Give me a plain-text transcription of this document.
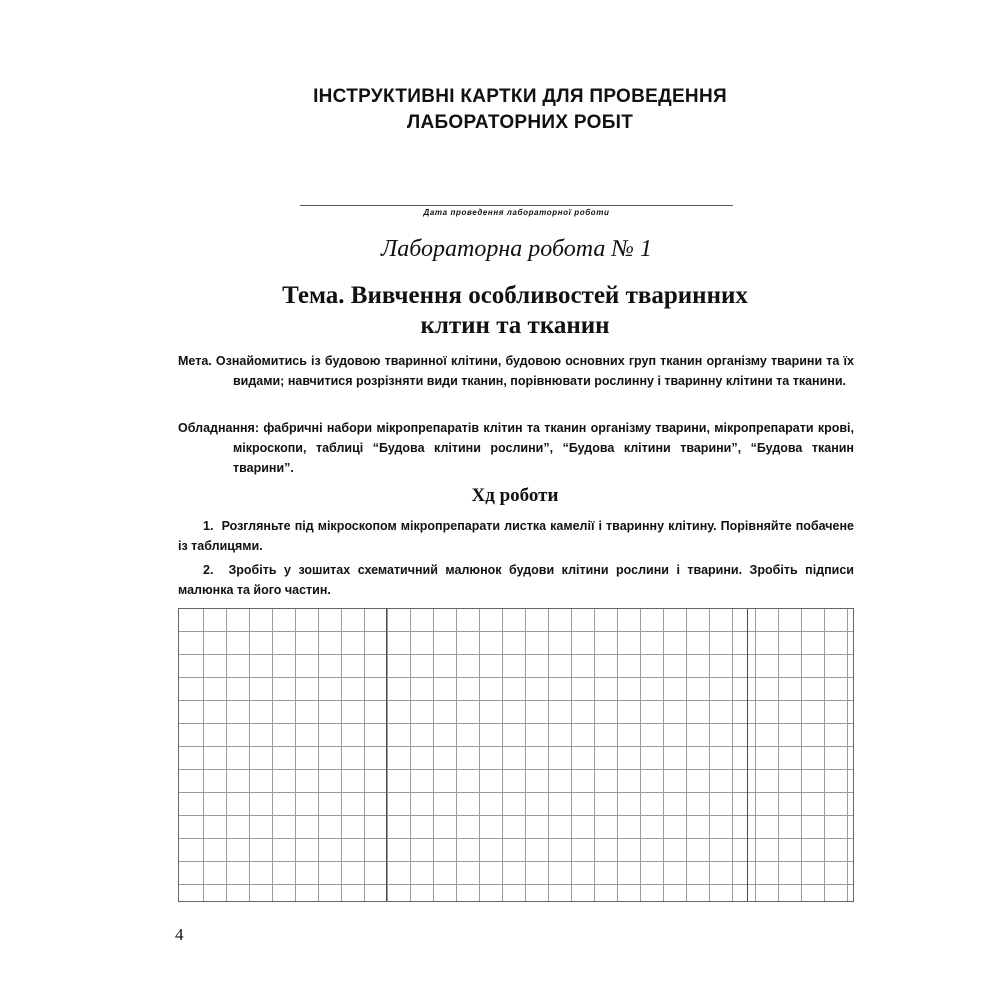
ІНСТРУКТИВНІ КАРТКИ ДЛЯ ПРОВЕДЕННЯ
ЛАБОРАТОРНИХ РОБІТ
Дата проведення лабораторної роботи
Лабораторна робота № 1
Тема. Вивчення особливостей тваринних
клтин та тканин
Мета. Ознайомитись із будовою тваринної клітини, будовою основних груп тканин організму тварини та їх видами; навчитися розрізняти види тканин, порівнювати рослинну і тваринну клітини та тканини.
Обладнання: фабричні набори мікропрепаратів клітин та тканин організму тварини, мікропрепарати крові, мікроскопи, таблиці “Будова клітини рослини”, “Будова клітини тварини”, “Будова тканин тварини”.
Хд роботи
1. Розгляньте під мікроскопом мікропрепарати листка камелії і тваринну клітину. Порівняйте побачене із таблицями.
2. Зробіть у зошитах схематичний малюнок будови клітини рослини і тварини. Зробіть підписи малюнка та його частин.
4
